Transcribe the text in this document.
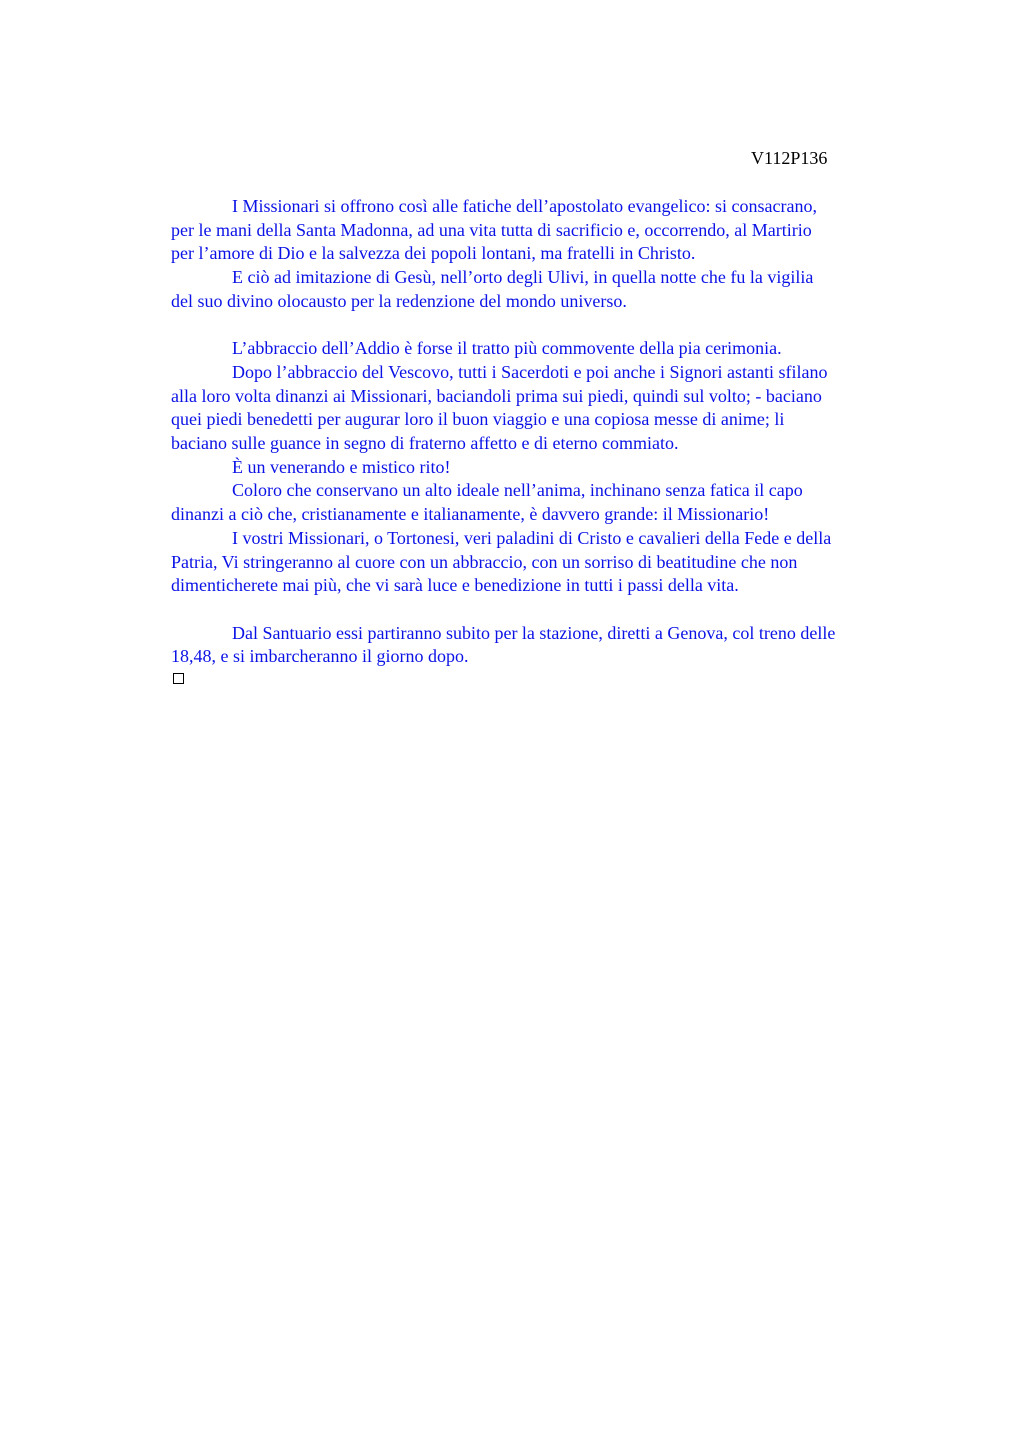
V112P136
I Missionari si offrono così alle fatiche dell’apostolato evangelico: si consacrano,
per le mani della Santa Madonna, ad una vita tutta di sacrificio e, occorrendo, al Martirio
per l’amore di Dio e la salvezza dei popoli lontani, ma fratelli in Christo.
E ciò ad imitazione di Gesù, nell’orto degli Ulivi, in quella notte che fu la vigilia
del suo divino olocausto per la redenzione del mondo universo.
L’abbraccio dell’Addio è forse il tratto più commovente della pia cerimonia.
Dopo l’abbraccio del Vescovo, tutti i Sacerdoti e poi anche i Signori astanti sfilano
alla loro volta dinanzi ai Missionari, baciandoli prima sui piedi, quindi sul volto; - baciano
quei piedi benedetti per augurar loro il buon viaggio e una copiosa messe di anime; li
baciano sulle guance in segno di fraterno affetto e di eterno commiato.
È un venerando e mistico rito!
Coloro che conservano un alto ideale nell’anima, inchinano senza fatica il capo
dinanzi a ciò che, cristianamente e italianamente, è davvero grande: il Missionario!
I vostri Missionari, o Tortonesi, veri paladini di Cristo e cavalieri della Fede e della
Patria, Vi stringeranno al cuore con un abbraccio, con un sorriso di beatitudine che non
dimenticherete mai più, che vi sarà luce e benedizione in tutti i passi della vita.
Dal Santuario essi partiranno subito per la stazione, diretti a Genova, col treno delle
18,48, e si imbarcheranno il giorno dopo.
